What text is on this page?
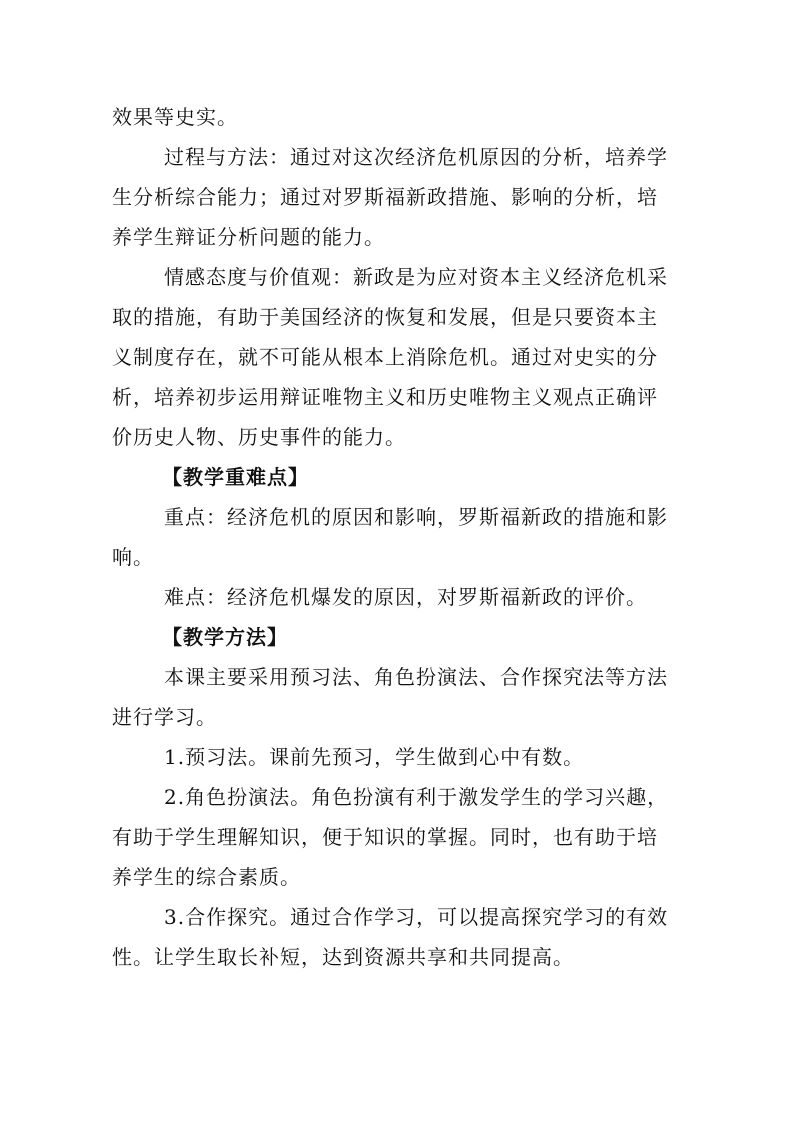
效果等史实。
过程与方法：通过对这次经济危机原因的分析，培养学
生分析综合能力；通过对罗斯福新政措施、影响的分析，培
养学生辩证分析问题的能力。
情感态度与价值观：新政是为应对资本主义经济危机采
取的措施，有助于美国经济的恢复和发展，但是只要资本主
义制度存在，就不可能从根本上消除危机。通过对史实的分
析，培养初步运用辩证唯物主义和历史唯物主义观点正确评
价历史人物、历史事件的能力。
【教学重难点】
重点：经济危机的原因和影响，罗斯福新政的措施和影
响。
难点：经济危机爆发的原因，对罗斯福新政的评价。
【教学方法】
本课主要采用预习法、角色扮演法、合作探究法等方法
进行学习。
1.预习法。课前先预习，学生做到心中有数。
2.角色扮演法。角色扮演有利于激发学生的学习兴趣，
有助于学生理解知识，便于知识的掌握。同时，也有助于培
养学生的综合素质。
3.合作探究。通过合作学习，可以提高探究学习的有效
性。让学生取长补短，达到资源共享和共同提高。
